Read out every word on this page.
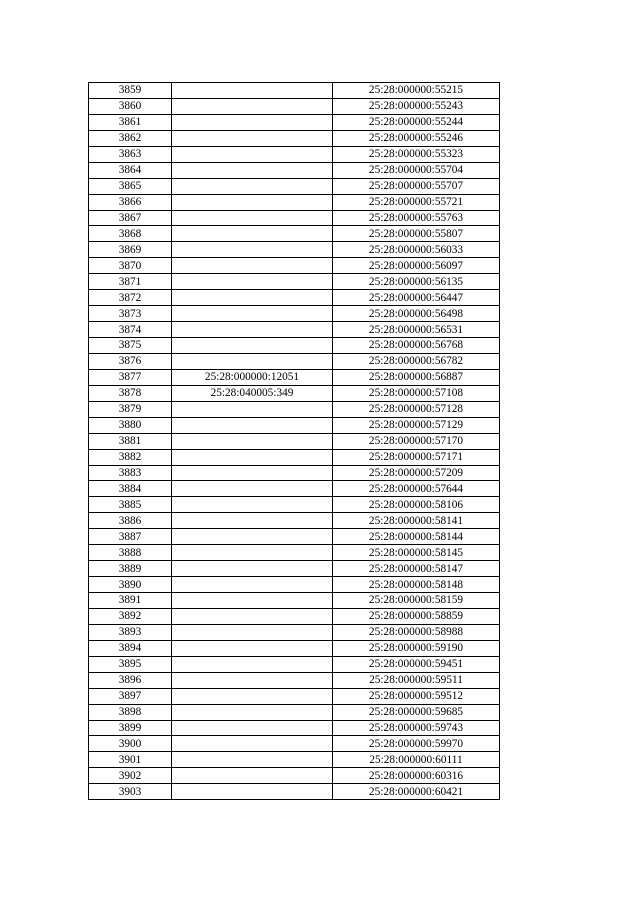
3859		25:28:000000:55215
3860		25:28:000000:55243
3861		25:28:000000:55244
3862		25:28:000000:55246
3863		25:28:000000:55323
3864		25:28:000000:55704
3865		25:28:000000:55707
3866		25:28:000000:55721
3867		25:28:000000:55763
3868		25:28:000000:55807
3869		25:28:000000:56033
3870		25:28:000000:56097
3871		25:28:000000:56135
3872		25:28:000000:56447
3873		25:28:000000:56498
3874		25:28:000000:56531
3875		25:28:000000:56768
3876		25:28:000000:56782
3877	25:28:000000:12051	25:28:000000:56887
3878	25:28:040005:349	25:28:000000:57108
3879		25:28:000000:57128
3880		25:28:000000:57129
3881		25:28:000000:57170
3882		25:28:000000:57171
3883		25:28:000000:57209
3884		25:28:000000:57644
3885		25:28:000000:58106
3886		25:28:000000:58141
3887		25:28:000000:58144
3888		25:28:000000:58145
3889		25:28:000000:58147
3890		25:28:000000:58148
3891		25:28:000000:58159
3892		25:28:000000:58859
3893		25:28:000000:58988
3894		25:28:000000:59190
3895		25:28:000000:59451
3896		25:28:000000:59511
3897		25:28:000000:59512
3898		25:28:000000:59685
3899		25:28:000000:59743
3900		25:28:000000:59970
3901		25:28:000000:60111
3902		25:28:000000:60316
3903		25:28:000000:60421
